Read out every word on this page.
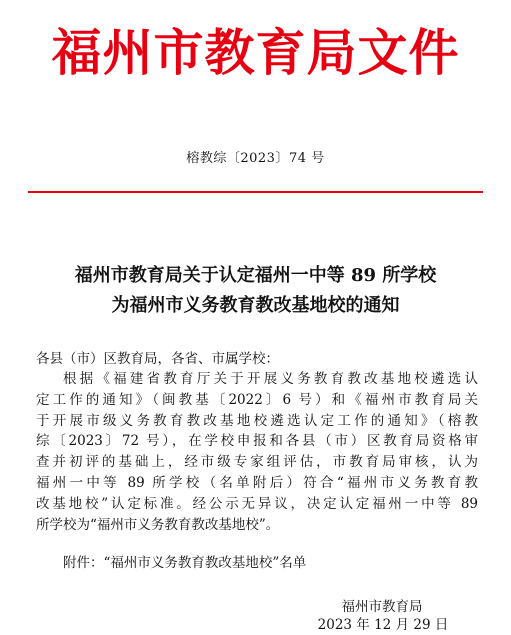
福州市教育局文件
榕教综〔2023〕74 号
福州市教育局关于认定福州一中等 89 所学校
为福州市义务教育教改基地校的通知
各县（市）区教育局，各省、市属学校：
根据《福建省教育厅关于开展义务教育教改基地校遴选认
定工作的通知》（闽教基〔2022〕6 号）和《福州市教育局关
于开展市级义务教育教改基地校遴选认定工作的通知》（榕教
综〔2023〕72 号），在学校申报和各县（市）区教育局资格审
查并初评的基础上，经市级专家组评估，市教育局审核，认为
福州一中等 89 所学校（名单附后）符合“福州市义务教育教
改基地校”认定标准。经公示无异议，决定认定福州一中等 89
所学校为“福州市义务教育教改基地校”。
附件：“福州市义务教育教改基地校”名单
福州市教育局
2023 年 12 月 29 日
